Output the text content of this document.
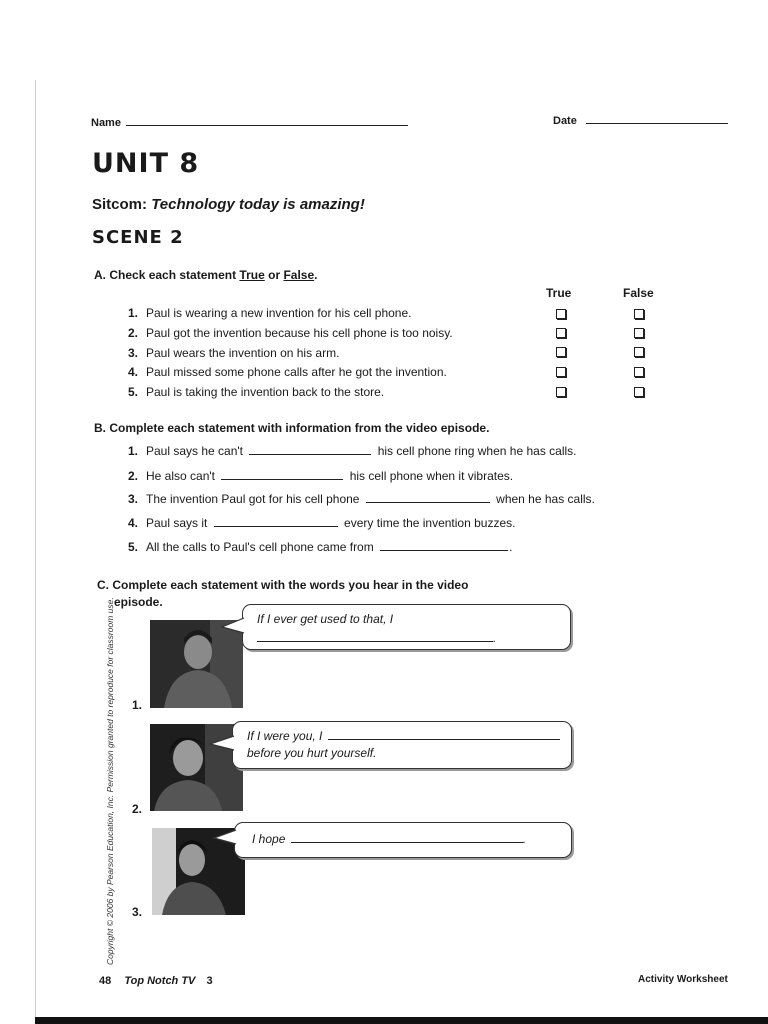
Name	Date
UNIT 8
Sitcom: Technology today is amazing!
SCENE 2
A. Check each statement True or False.
True	False
1. Paul is wearing a new invention for his cell phone.
2. Paul got the invention because his cell phone is too noisy.
3. Paul wears the invention on his arm.
4. Paul missed some phone calls after he got the invention.
5. Paul is taking the invention back to the store.
B. Complete each statement with information from the video episode.
1. Paul says he can't	his cell phone ring when he has calls.
2. He also can't	his cell phone when it vibrates.
3. The invention Paul got for his cell phone	when he has calls.
4. Paul says it	every time the invention buzzes.
5. All the calls to Paul's cell phone came from	.
C. Complete each statement with the words you hear in the video
episode.
1.
If I ever get used to that, I
.
2.
If I were you, I
before you hurt yourself.
3.
I hope	.
Copyright © 2006 by Pearson Education, Inc. Permission granted to reproduce for classroom use.
48 Top Notch TV 3	Activity Worksheet
